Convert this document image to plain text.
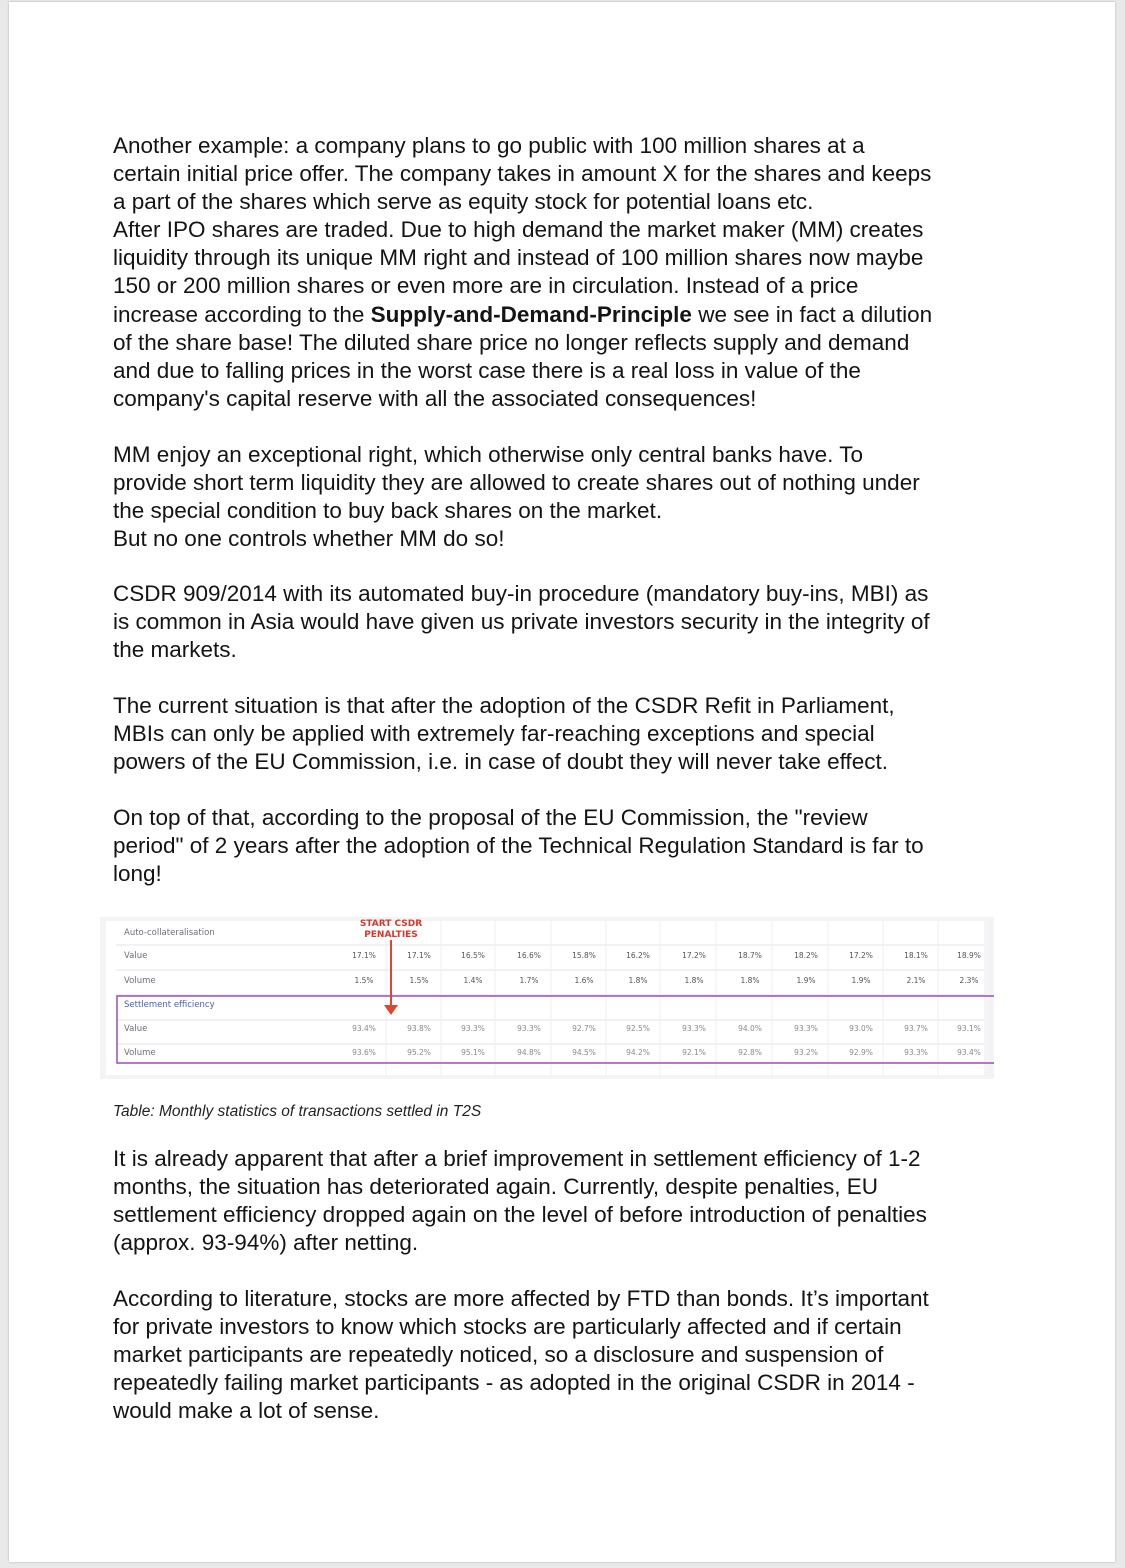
Another example: a company plans to go public with 100 million shares at a
certain initial price offer. The company takes in amount X for the shares and keeps
a part of the shares which serve as equity stock for potential loans etc.
After IPO shares are traded. Due to high demand the market maker (MM) creates
liquidity through its unique MM right and instead of 100 million shares now maybe
150 or 200 million shares or even more are in circulation. Instead of a price
increase according to the Supply-and-Demand-Principle we see in fact a dilution
of the share base! The diluted share price no longer reflects supply and demand
and due to falling prices in the worst case there is a real loss in value of the
company's capital reserve with all the associated consequences!
MM enjoy an exceptional right, which otherwise only central banks have. To
provide short term liquidity they are allowed to create shares out of nothing under
the special condition to buy back shares on the market.
But no one controls whether MM do so!
CSDR 909/2014 with its automated buy-in procedure (mandatory buy-ins, MBI) as
is common in Asia would have given us private investors security in the integrity of
the markets.
The current situation is that after the adoption of the CSDR Refit in Parliament,
MBIs can only be applied with extremely far-reaching exceptions and special
powers of the EU Commission, i.e. in case of doubt they will never take effect.
On top of that, according to the proposal of the EU Commission, the "review
period" of 2 years after the adoption of the Technical Regulation Standard is far to
long!
START CSDR
PENALTIES
Auto-collateralisation
Value	17.1%	17.1%	16.5%	16.6%	15.8%	16.2%	17.2%	18.7%	18.2%	17.2%	18.1%	18.9%
Volume	1.5%	1.5%	1.4%	1.7%	1.6%	1.8%	1.8%	1.8%	1.9%	1.9%	2.1%	2.3%
Settlement efficiency
Value	93.4%	93.8%	93.3%	93.3%	92.7%	92.5%	93.3%	94.0%	93.3%	93.0%	93.7%	93.1%
Volume	93.6%	95.2%	95.1%	94.8%	94.5%	94.2%	92.1%	92.8%	93.2%	92.9%	93.3%	93.4%
Table: Monthly statistics of transactions settled in T2S
It is already apparent that after a brief improvement in settlement efficiency of 1-2
months, the situation has deteriorated again. Currently, despite penalties, EU
settlement efficiency dropped again on the level of before introduction of penalties
(approx. 93-94%) after netting.
According to literature, stocks are more affected by FTD than bonds. It’s important
for private investors to know which stocks are particularly affected and if certain
market participants are repeatedly noticed, so a disclosure and suspension of
repeatedly failing market participants - as adopted in the original CSDR in 2014 -
would make a lot of sense.
